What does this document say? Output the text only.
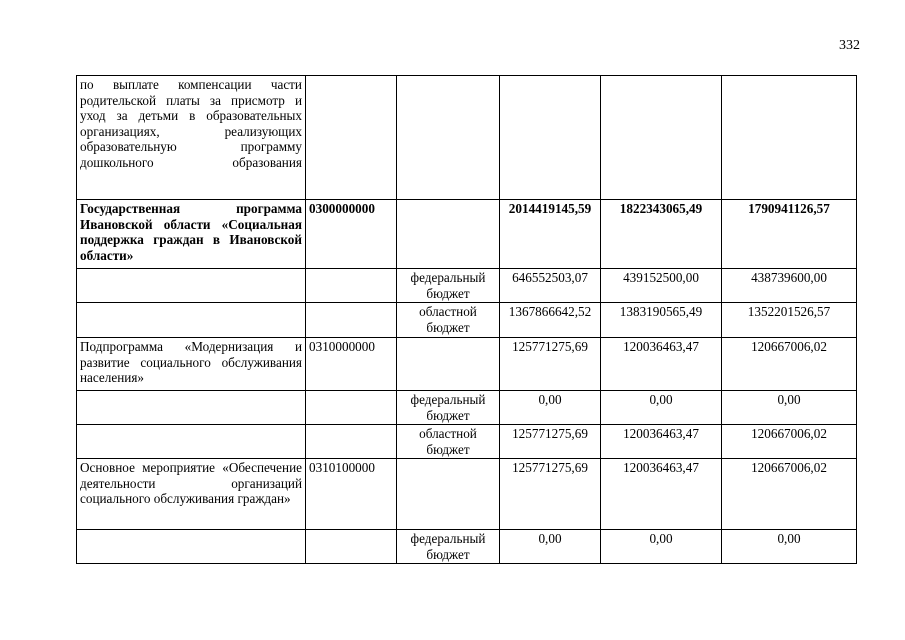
332
по выплате компенсации части родительской платы за присмотр и уход за детьми в образовательных организациях, реализующих образовательную программу дошкольного образования					
Государственная программа Ивановской области «Социальная поддержка граждан в Ивановской области»	0300000000		2014419145,59	1822343065,49	1790941126,57
		федеральный бюджет	646552503,07	439152500,00	438739600,00
		областной бюджет	1367866642,52	1383190565,49	1352201526,57
Подпрограмма «Модернизация и развитие социального обслуживания населения»	0310000000		125771275,69	120036463,47	120667006,02
		федеральный бюджет	0,00	0,00	0,00
		областной бюджет	125771275,69	120036463,47	120667006,02
Основное мероприятие «Обеспечение деятельности организаций социального обслуживания граждан»	0310100000		125771275,69	120036463,47	120667006,02
		федеральный бюджет	0,00	0,00	0,00
